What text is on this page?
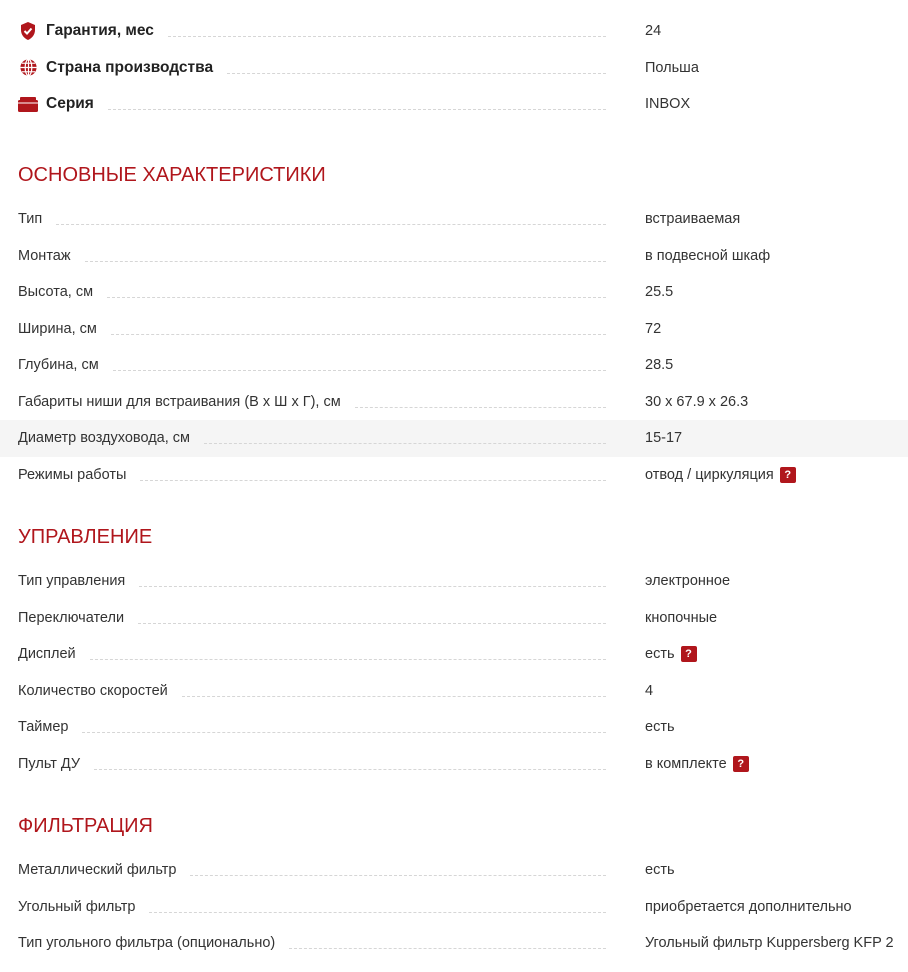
Гарантия, мес	24
Страна производства	Польша
Серия	INBOX
ОСНОВНЫЕ ХАРАКТЕРИСТИКИ
Тип	встраиваемая
Монтаж	в подвесной шкаф
Высота, см	25.5
Ширина, см	72
Глубина, см	28.5
Габариты ниши для встраивания (В х Ш х Г), см	30 x 67.9 x 26.3
Диаметр воздуховода, см	15-17
Режимы работы	отвод / циркуляция ?
УПРАВЛЕНИЕ
Тип управления	электронное
Переключатели	кнопочные
Дисплей	есть ?
Количество скоростей	4
Таймер	есть
Пульт ДУ	в комплекте ?
ФИЛЬТРАЦИЯ
Металлический фильтр	есть
Угольный фильтр	приобретается дополнительно
Тип угольного фильтра (опционально)	Угольный фильтр Kuppersberg KFP 2
